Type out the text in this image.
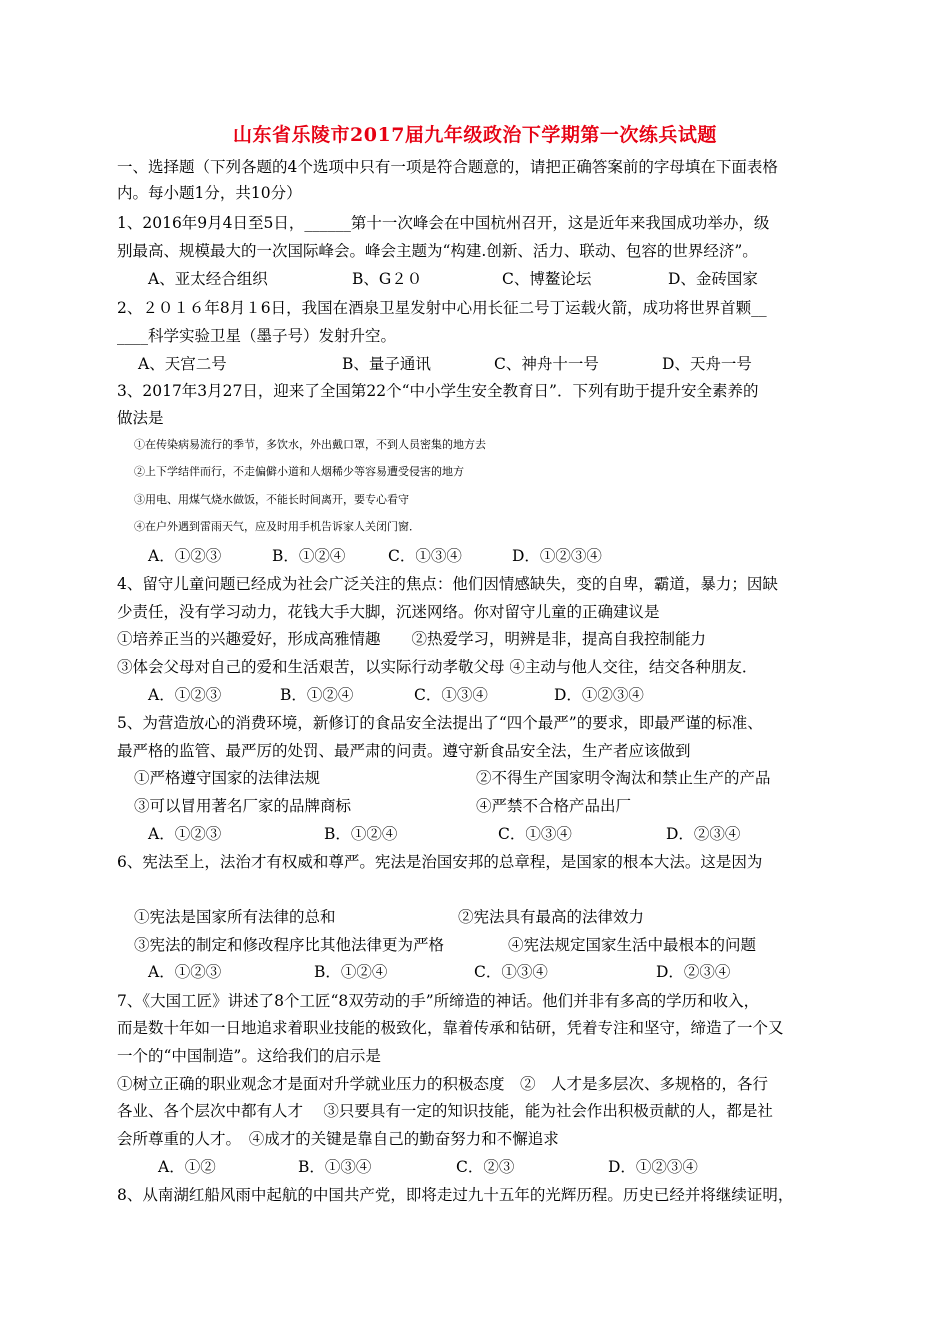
山东省乐陵市2017届九年级政治下学期第一次练兵试题
一、选择题（下列各题的4个选项中只有一项是符合题意的，请把正确答案前的字母填在下面表格
内。每小题1分，共10分）
1、2016年9月4日至5日，______第十一次峰会在中国杭州召开，这是近年来我国成功举办，级
别最高、规模最大的一次国际峰会。峰会主题为“构建.创新、活力、联动、包容的世界经济”。
A、亚太经合组织	B、G２０	C、博鳌论坛	D、金砖国家
2、２０１６年8月１6日，我国在酒泉卫星发射中心用长征二号丁运载火箭，成功将世界首颗__
____科学实验卫星（墨子号）发射升空。
A、天宫二号	B、量子通讯	C、神舟十一号	D、天舟一号
3、2017年3月27日，迎来了全国第22个“中小学生安全教育日”．下列有助于提升安全素养的
做法是
①在传染病易流行的季节，多饮水，外出戴口罩，不到人员密集的地方去
②上下学结伴而行，不走偏僻小道和人烟稀少等容易遭受侵害的地方
③用电、用煤气烧水做饭，不能长时间离开，要专心看守
④在户外遇到雷雨天气，应及时用手机告诉家人关闭门窗．
A．①②③	B．①②④	C．①③④	D．①②③④
4、留守儿童问题已经成为社会广泛关注的焦点：他们因情感缺失，变的自卑，霸道，暴力；因缺
少责任，没有学习动力，花钱大手大脚，沉迷网络。你对留守儿童的正确建议是
①培养正当的兴趣爱好，形成高雅情趣　　②热爱学习，明辨是非，提高自我控制能力
③体会父母对自己的爱和生活艰苦，以实际行动孝敬父母 ④主动与他人交往，结交各种朋友．
A．①②③	B．①②④	C．①③④	D．①②③④
5、为营造放心的消费环境，新修订的食品安全法提出了“四个最严”的要求，即最严谨的标准、
最严格的监管、最严厉的处罚、最严肃的问责。遵守新食品安全法，生产者应该做到
①严格遵守国家的法律法规	②不得生产国家明令淘汰和禁止生产的产品
③可以冒用著名厂家的品牌商标	④严禁不合格产品出厂
A．①②③	B．①②④	C．①③④	D．②③④
6、宪法至上，法治才有权威和尊严。宪法是治国安邦的总章程，是国家的根本大法。这是因为
①宪法是国家所有法律的总和	②宪法具有最高的法律效力
③宪法的制定和修改程序比其他法律更为严格	④宪法规定国家生活中最根本的问题
A．①②③	B．①②④	C．①③④	D．②③④
7、《大国工匠》讲述了8个工匠“8双劳动的手”所缔造的神话。他们并非有多高的学历和收入，
而是数十年如一日地追求着职业技能的极致化，靠着传承和钻研，凭着专注和坚守，缔造了一个又
一个的“中国制造”。这给我们的启示是
①树立正确的职业观念才是面对升学就业压力的积极态度　②　人才是多层次、多规格的，各行
各业、各个层次中都有人才　 ③只要具有一定的知识技能，能为社会作出积极贡献的人，都是社
会所尊重的人才。　④成才的关键是靠自己的勤奋努力和不懈追求
A．①②	B．①③④	C．②③	D．①②③④
8、从南湖红船风雨中起航的中国共产党，即将走过九十五年的光辉历程。历史已经并将继续证明，
